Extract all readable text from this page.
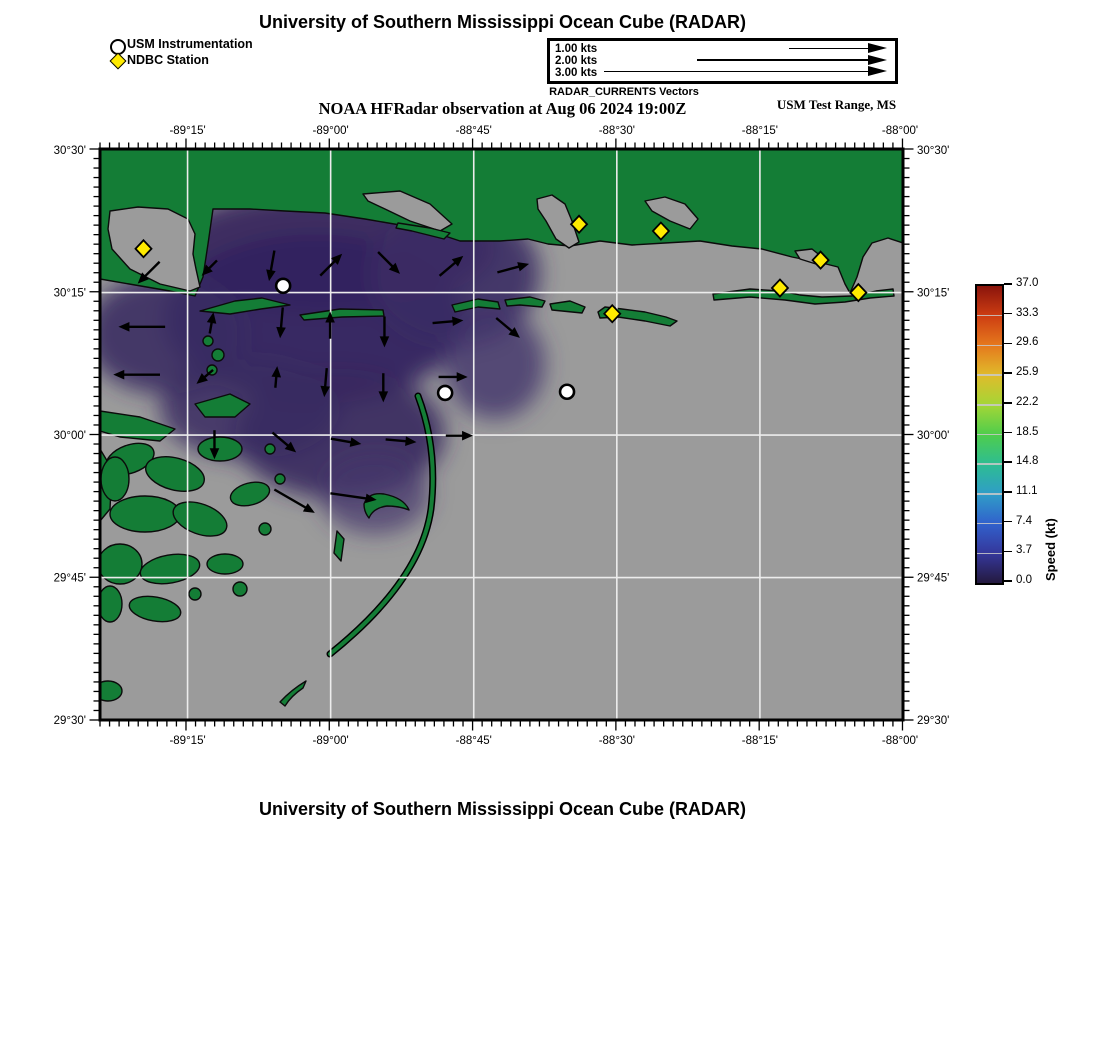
University of Southern Mississippi Ocean Cube (RADAR)
USM Instrumentation
NDBC Station
1.00 kts
2.00 kts
3.00 kts
RADAR_CURRENTS Vectors
NOAA HFRadar observation at Aug 06 2024 19:00Z	USM Test Range, MS
-89°15'
-89°15'
-89°00'
-89°00'
-88°45'
-88°45'
-88°30'
-88°30'
-88°15'
-88°15'
-88°00'
-88°00'
30°30'	30°30'
30°15'	30°15'
30°00'	30°00'
29°45'	29°45'
29°30'	29°30'
0.0
3.7
7.4
11.1
14.8
18.5
22.2
25.9
29.6
33.3
37.0
Speed (kt)
University of Southern Mississippi Ocean Cube (RADAR)
